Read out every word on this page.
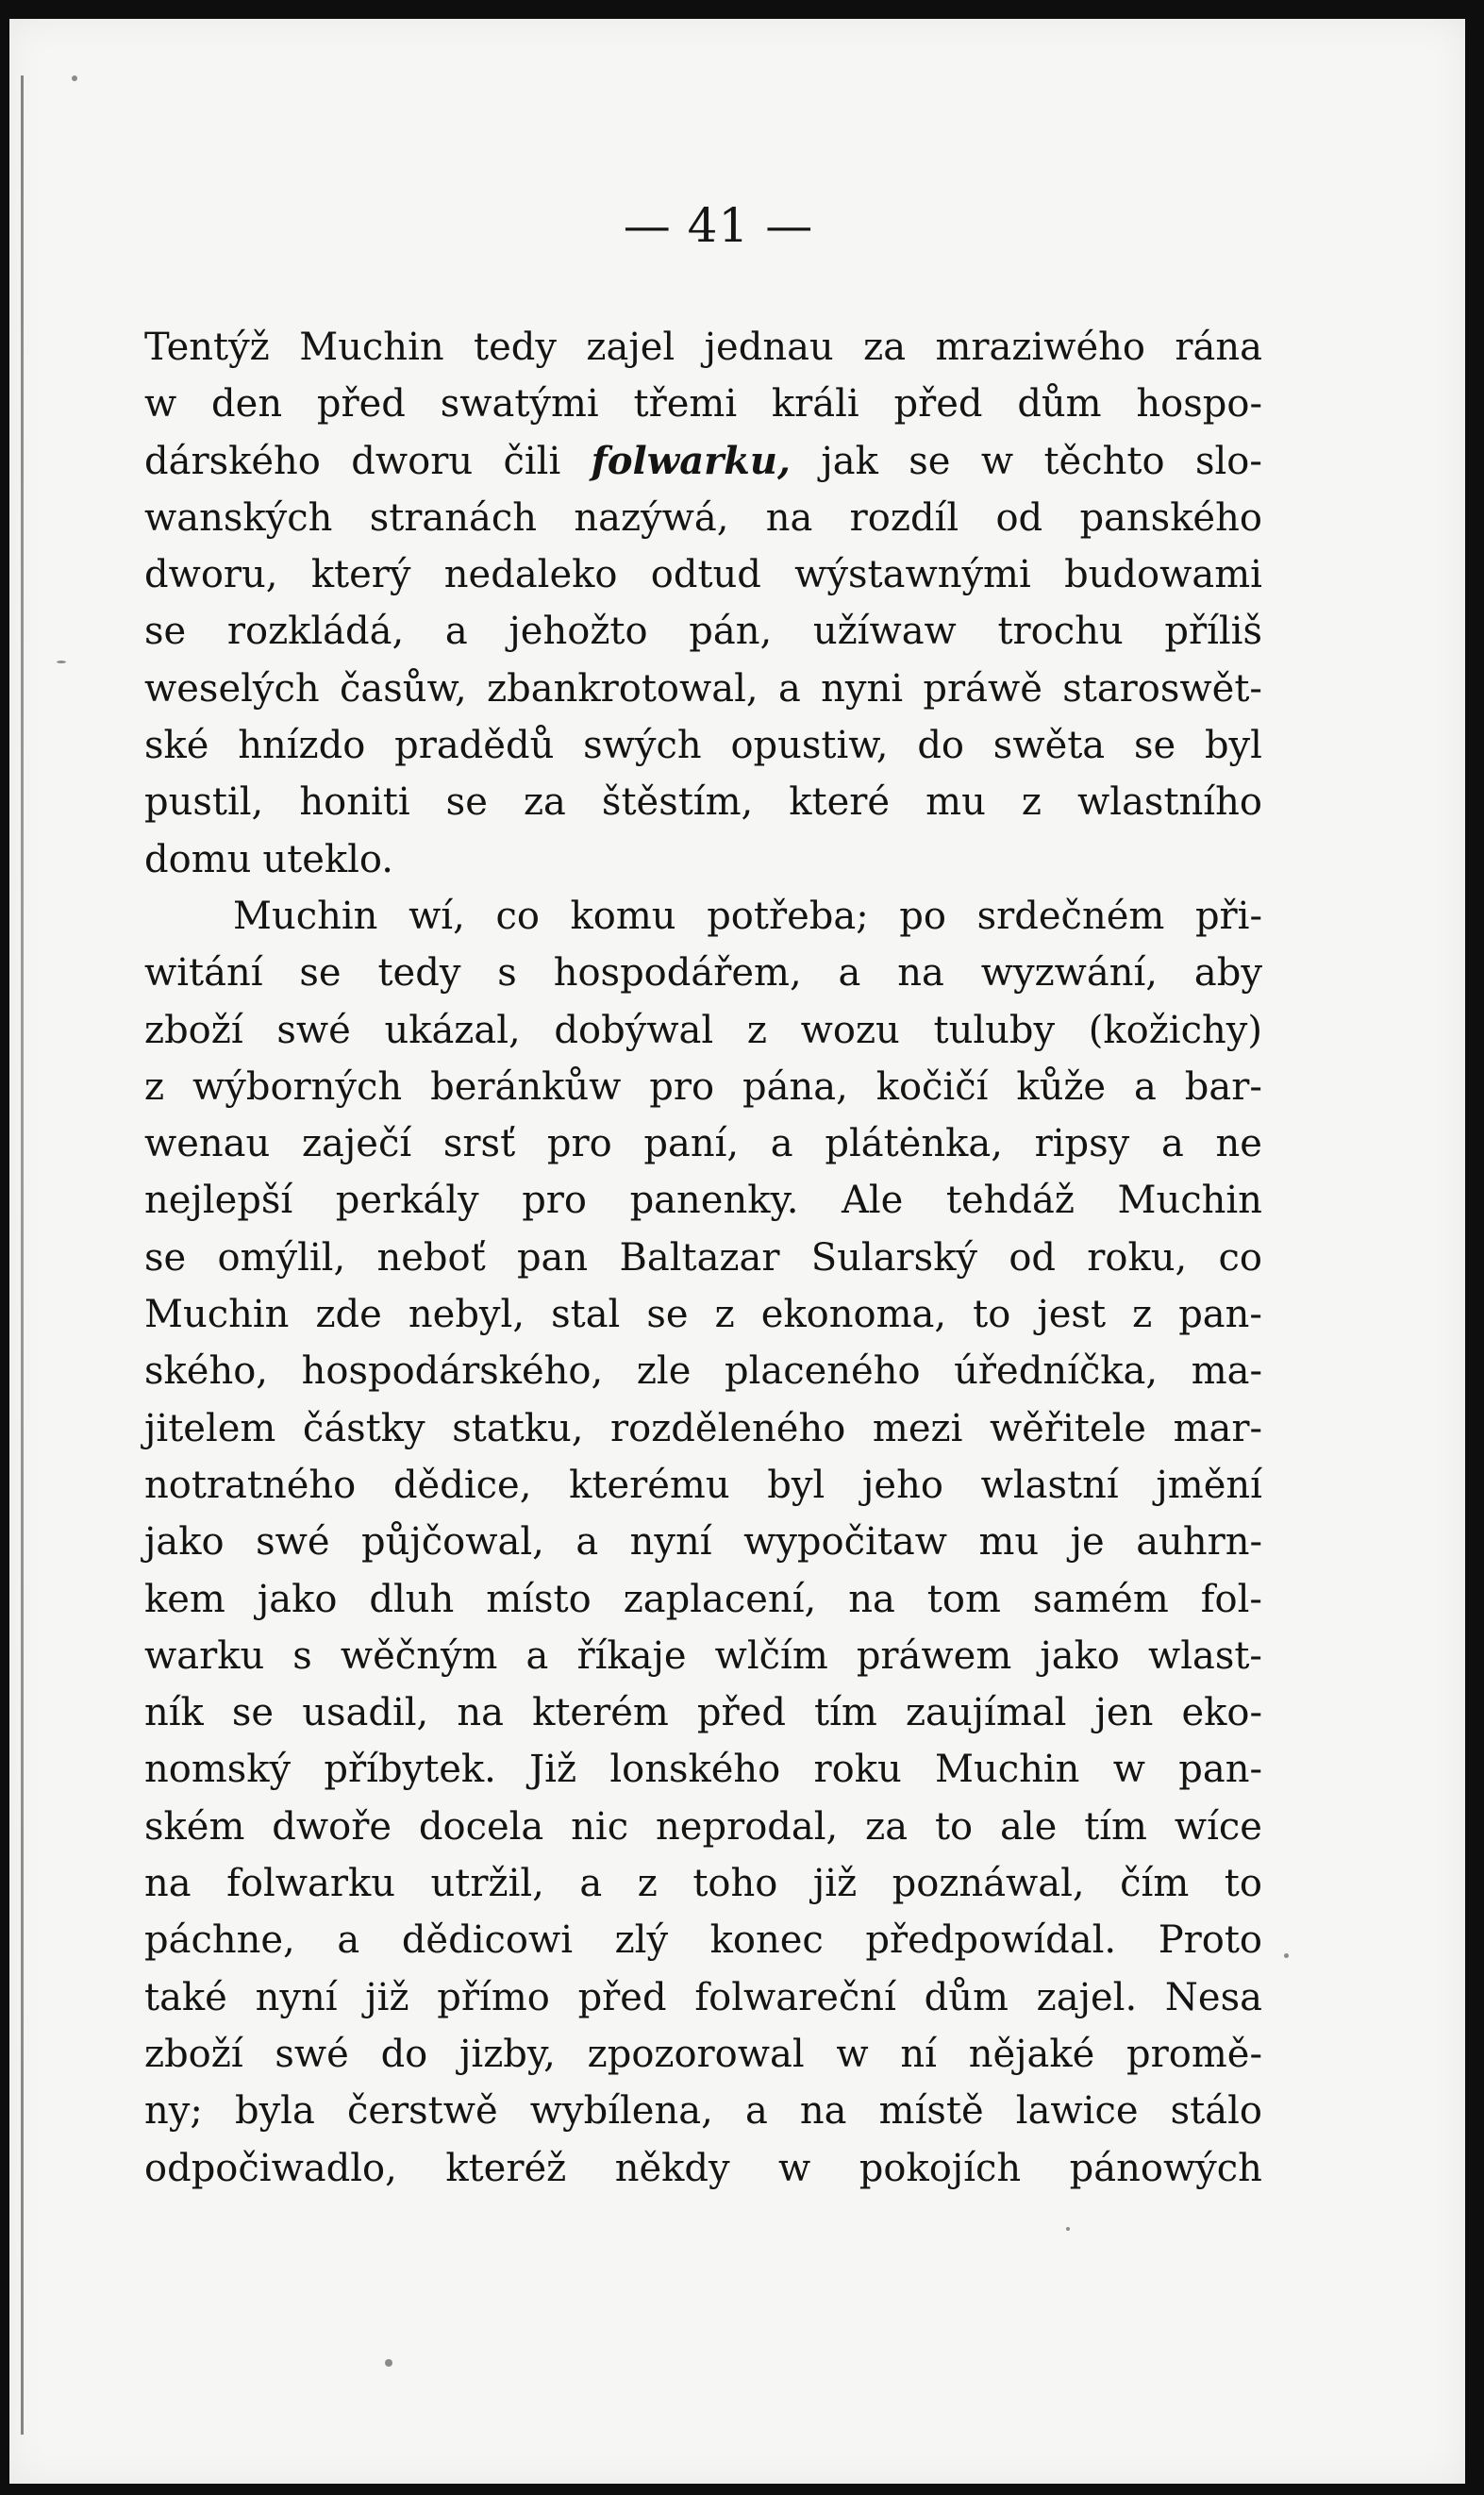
— 41 —
Tentýž Muchin tedy zajel jednau za mraziwého rána
w den před swatými třemi králi před dům hospo-
dárského dworu čili folwarku, jak se w těchto slo-
wanských stranách nazýwá, na rozdíl od panského
dworu, který nedaleko odtud wýstawnými budowami
se rozkládá, a jehožto pán, užíwaw trochu příliš
weselých časůw, zbankrotowal, a nyni práwě staroswět-
ské hnízdo pradědů swých opustiw, do swěta se byl
pustil, honiti se za štěstím, které mu z wlastního
domu uteklo.
Muchin wí, co komu potřeba; po srdečném při-
witání se tedy s hospodářem, a na wyzwání, aby
zboží swé ukázal, dobýwal z wozu tuluby (kožichy)
z wýborných beránkůw pro pána, kočičí kůže a bar-
wenau zaječí srsť pro paní, a plátėnka, ripsy a ne
nejlepší perkály pro panenky. Ale tehdáž Muchin
se omýlil, neboť pan Baltazar Sularský od roku, co
Muchin zde nebyl, stal se z ekonoma, to jest z pan-
ského, hospodárského, zle placeného úředníčka, ma-
jitelem částky statku, rozděleného mezi wěřitele mar-
notratného dědice, kterému byl jeho wlastní jmění
jako swé půjčowal, a nyní wypočitaw mu je auhrn-
kem jako dluh místo zaplacení, na tom samém fol-
warku s wěčným a říkaje wlčím práwem jako wlast-
ník se usadil, na kterém před tím zaujímal jen eko-
nomský příbytek. Již lonského roku Muchin w pan-
ském dwoře docela nic neprodal, za to ale tím wíce
na folwarku utržil, a z toho již poznáwal, čím to
páchne, a dědicowi zlý konec předpowídal. Proto
také nyní již přímo před folwareční dům zajel. Nesa
zboží swé do jizby, zpozorowal w ní nějaké promě-
ny; byla čerstwě wybílena, a na místě lawice stálo
odpočiwadlo, kteréž někdy w pokojích pánowých
